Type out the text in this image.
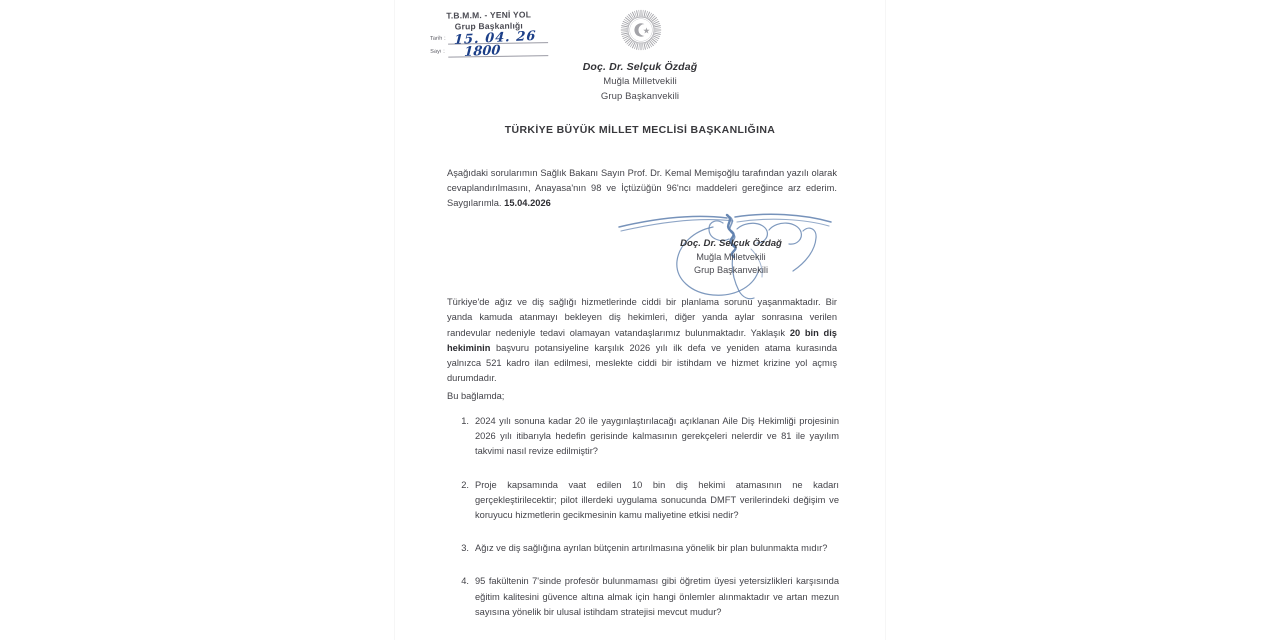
T.B.M.M. - YENİ YOL
Grup Başkanlığı
Tarih :
Sayı :
15. 04. 26
1800
Doç. Dr. Selçuk Özdağ
Muğla Milletvekili
Grup Başkanvekili
TÜRKİYE BÜYÜK MİLLET MECLİSİ BAŞKANLIĞINA
Aşağıdaki sorularımın Sağlık Bakanı Sayın Prof. Dr. Kemal Memişoğlu tarafından yazılı olarak cevaplandırılmasını, Anayasa'nın 98 ve İçtüzüğün 96'ncı maddeleri gereğince arz ederim. Saygılarımla. 15.04.2026
Doç. Dr. Selçuk Özdağ
Muğla Milletvekili
Grup Başkanvekili
Türkiye'de ağız ve diş sağlığı hizmetlerinde ciddi bir planlama sorunu yaşanmaktadır. Bir yanda kamuda atanmayı bekleyen diş hekimleri, diğer yanda aylar sonrasına verilen randevular nedeniyle tedavi olamayan vatandaşlarımız bulunmaktadır. Yaklaşık 20 bin diş hekiminin başvuru potansiyeline karşılık 2026 yılı ilk defa ve yeniden atama kurasında yalnızca 521 kadro ilan edilmesi, meslekte ciddi bir istihdam ve hizmet krizine yol açmış durumdadır.
Bu bağlamda;
1. 2024 yılı sonuna kadar 20 ile yaygınlaştırılacağı açıklanan Aile Diş Hekimliği projesinin 2026 yılı itibarıyla hedefin gerisinde kalmasının gerekçeleri nelerdir ve 81 ile yayılım takvimi nasıl revize edilmiştir?
2. Proje kapsamında vaat edilen 10 bin diş hekimi atamasının ne kadarı gerçekleştirilecektir; pilot illerdeki uygulama sonucunda DMFT verilerindeki değişim ve koruyucu hizmetlerin gecikmesinin kamu maliyetine etkisi nedir?
3. Ağız ve diş sağlığına ayrılan bütçenin artırılmasına yönelik bir plan bulunmakta mıdır?
4. 95 fakültenin 7'sinde profesör bulunmaması gibi öğretim üyesi yetersizlikleri karşısında eğitim kalitesini güvence altına almak için hangi önlemler alınmaktadır ve artan mezun sayısına yönelik bir ulusal istihdam stratejisi mevcut mudur?
